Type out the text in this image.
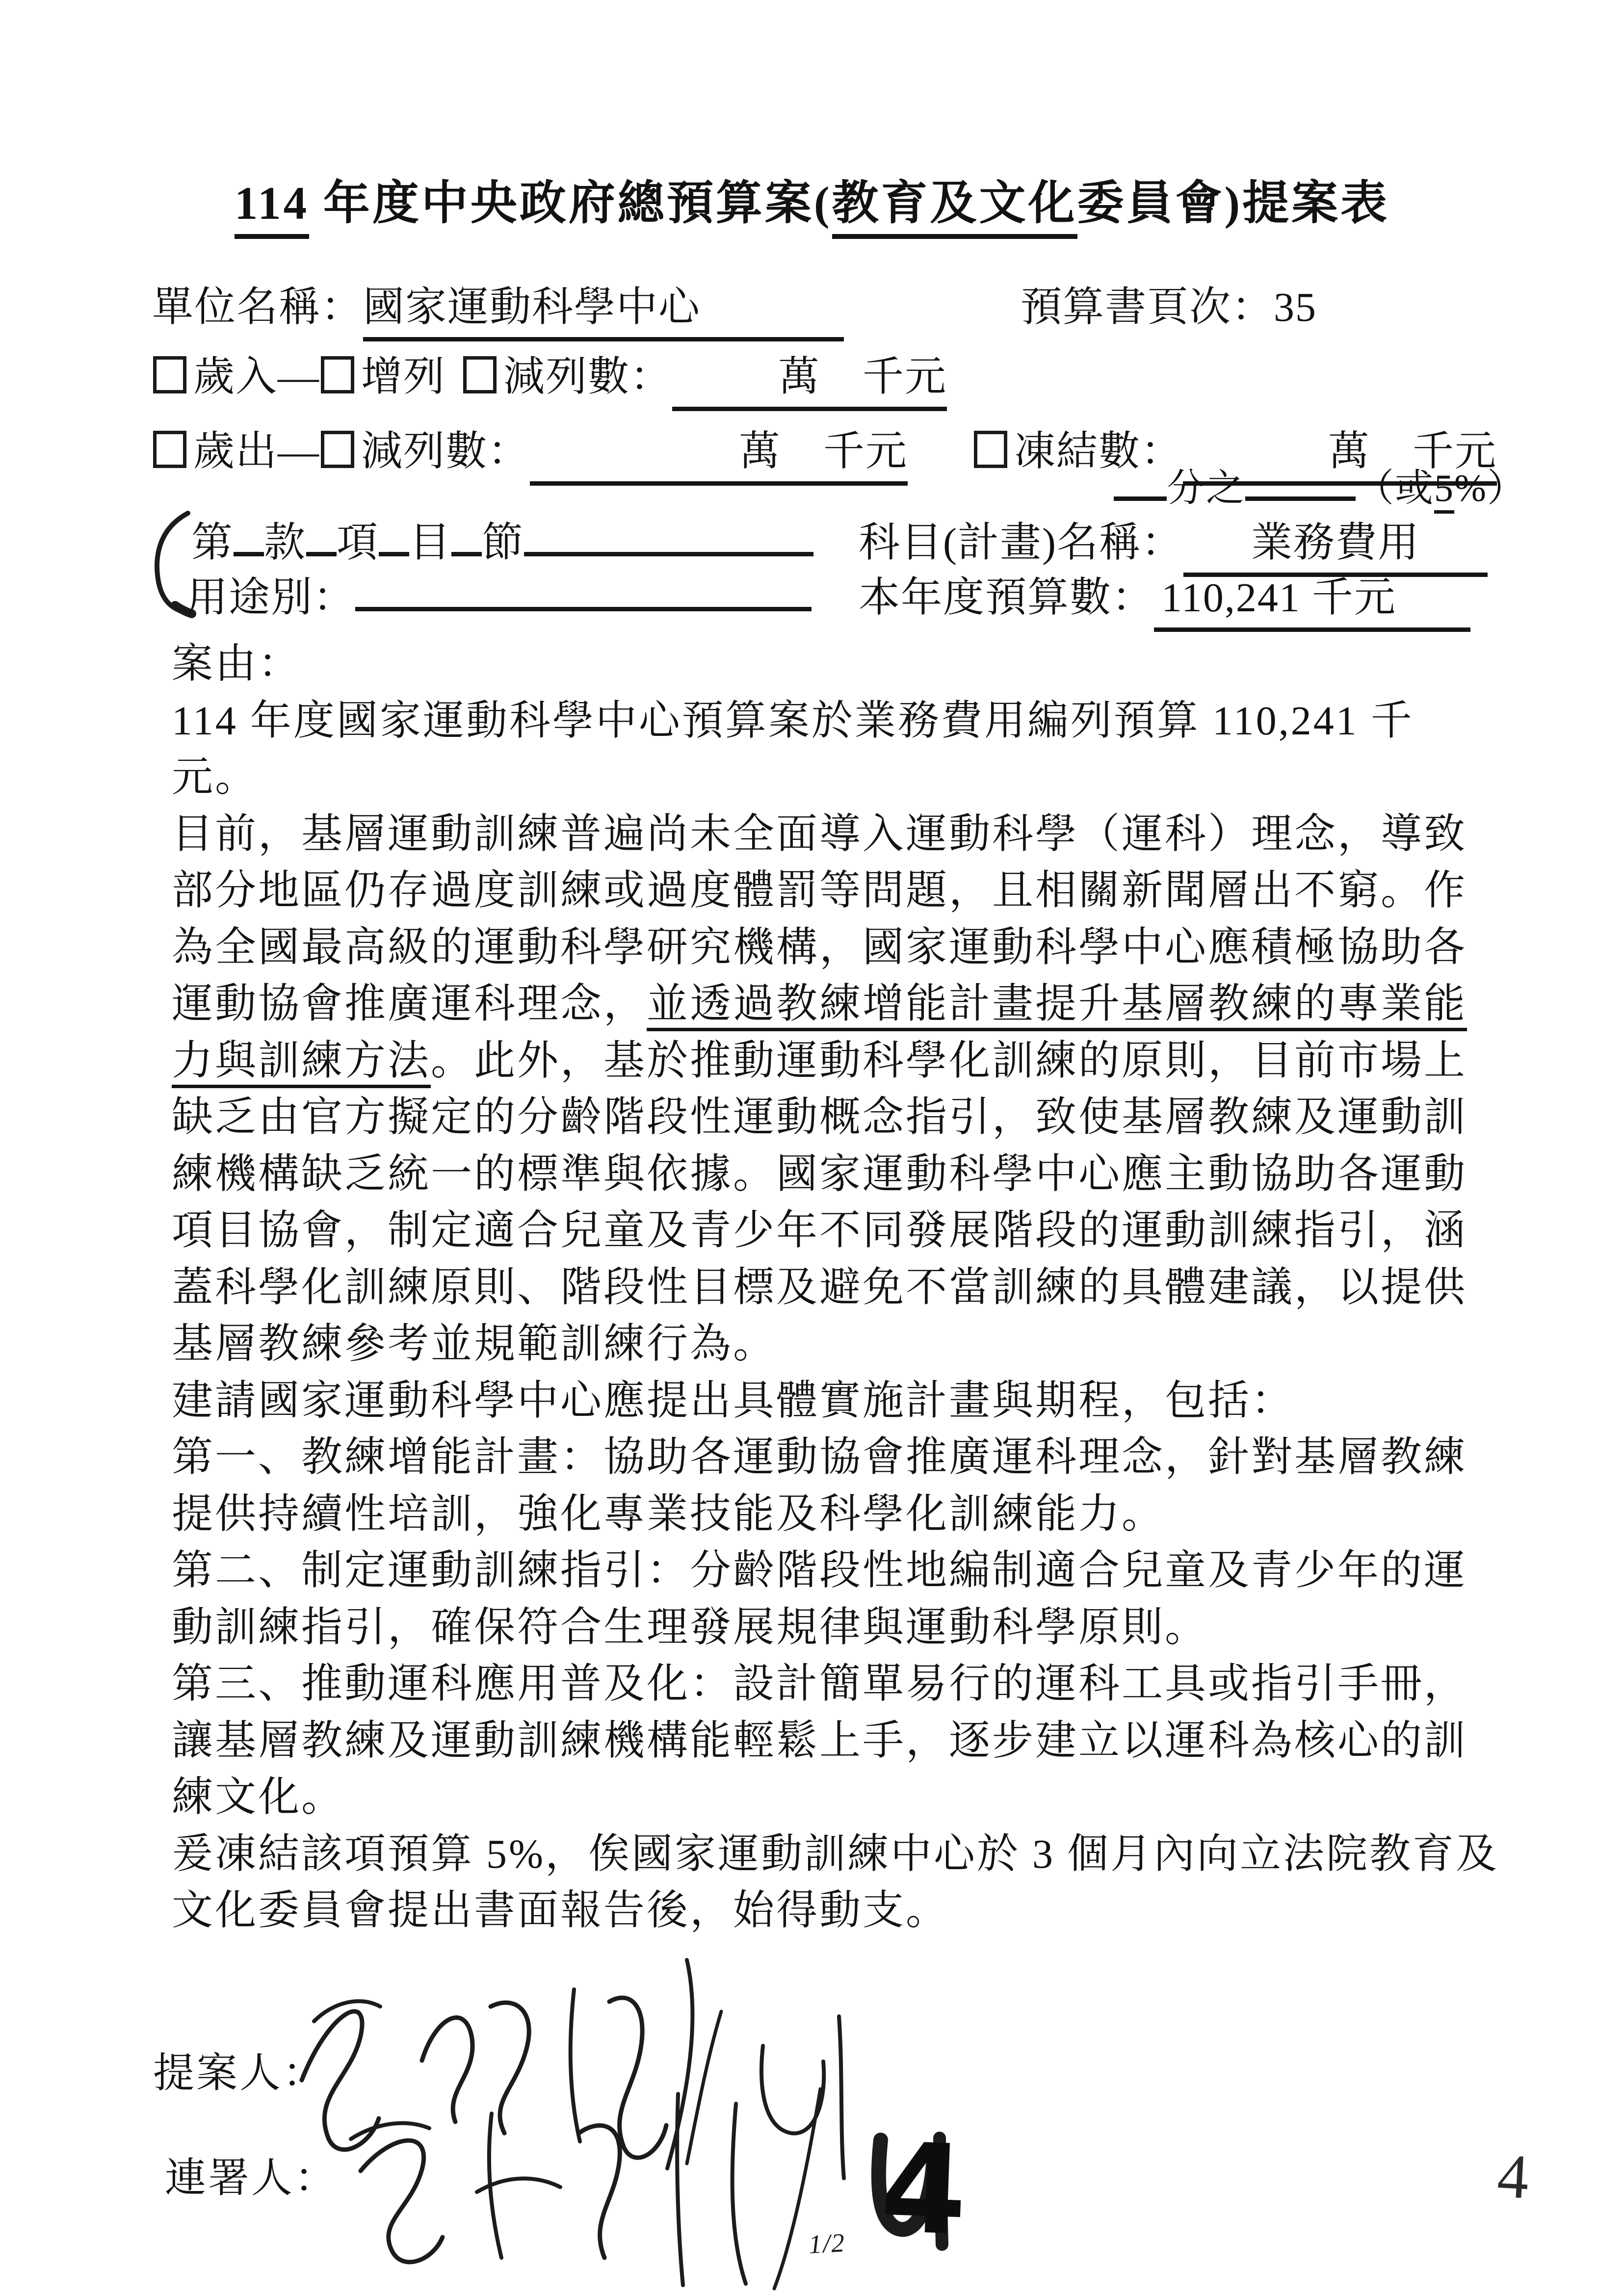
114 年度中央政府總預算案(教育及文化委員會)提案表
單位名稱：國家運動科學中心	預算書頁次：35
歲入— 增列 減列數：	萬　千元
歲出— 減列數：	萬　千元	凍結數：	萬　千元
分之	（或5%）
第 款 項 目 節	科目(計畫)名稱： 業務費用
用途別：	本年度預算數： 110,241 千元
案由：
114 年度國家運動科學中心預算案於業務費用編列預算 110,241 千
元。
目前，基層運動訓練普遍尚未全面導入運動科學（運科）理念，導致
部分地區仍存過度訓練或過度體罰等問題，且相關新聞層出不窮。作
為全國最高級的運動科學研究機構，國家運動科學中心應積極協助各
運動協會推廣運科理念，並透過教練增能計畫提升基層教練的專業能
力與訓練方法。此外，基於推動運動科學化訓練的原則，目前市場上
缺乏由官方擬定的分齡階段性運動概念指引，致使基層教練及運動訓
練機構缺乏統一的標準與依據。國家運動科學中心應主動協助各運動
項目協會，制定適合兒童及青少年不同發展階段的運動訓練指引，涵
蓋科學化訓練原則、階段性目標及避免不當訓練的具體建議，以提供
基層教練參考並規範訓練行為。
建請國家運動科學中心應提出具體實施計畫與期程，包括：
第一、教練增能計畫：協助各運動協會推廣運科理念，針對基層教練
提供持續性培訓，強化專業技能及科學化訓練能力。
第二、制定運動訓練指引：分齡階段性地編制適合兒童及青少年的運
動訓練指引，確保符合生理發展規律與運動科學原則。
第三、推動運科應用普及化：設計簡單易行的運科工具或指引手冊，
讓基層教練及運動訓練機構能輕鬆上手，逐步建立以運科為核心的訓
練文化。
爰凍結該項預算 5%，俟國家運動訓練中心於 3 個月內向立法院教育及
文化委員會提出書面報告後，始得動支。
提案人：
連署人：	4	4
1/2
